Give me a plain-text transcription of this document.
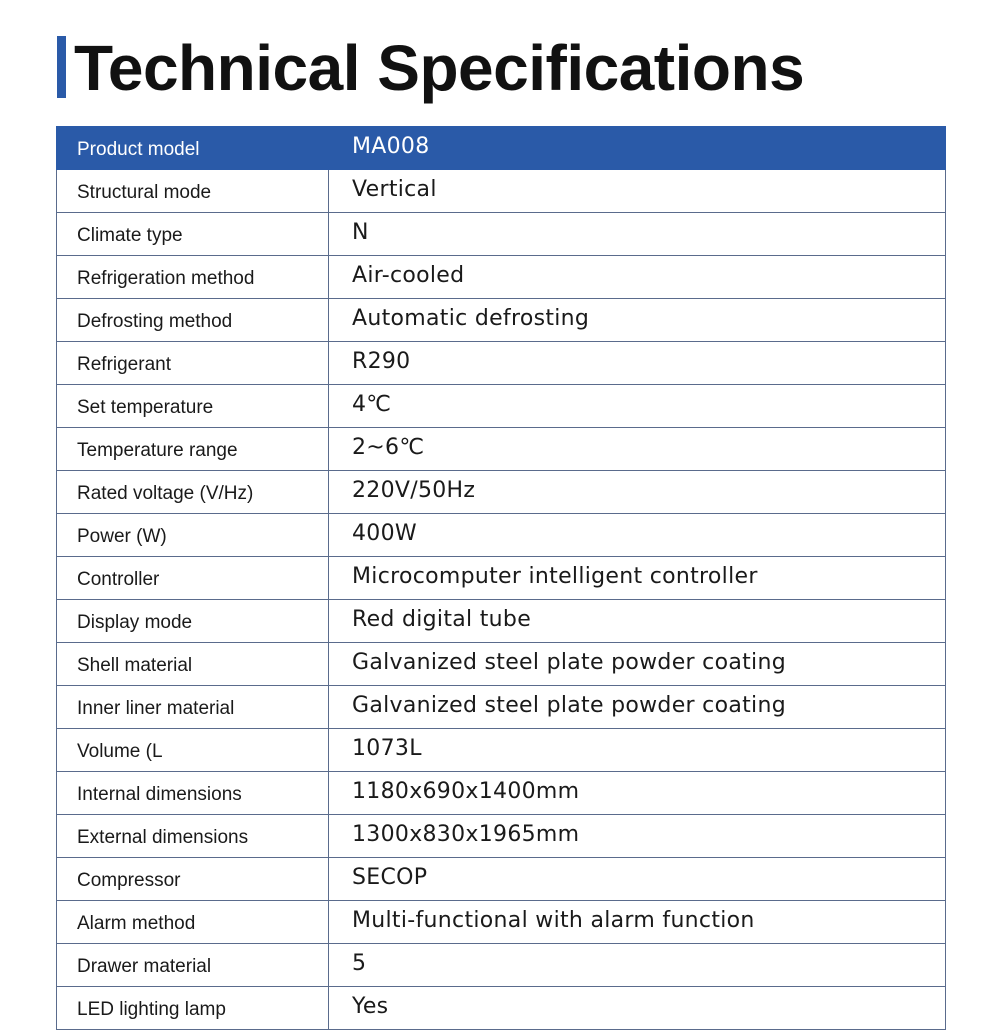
Technical Specifications
Product model	MA008
Structural mode	Vertical
Climate type	N
Refrigeration method	Air-cooled
Defrosting method	Automatic defrosting
Refrigerant	R290
Set temperature	4℃
Temperature range	2~6℃
Rated voltage (V/Hz)	220V/50Hz
Power (W)	400W
Controller	Microcomputer intelligent controller
Display mode	Red digital tube
Shell material	Galvanized steel plate powder coating
Inner liner material	Galvanized steel plate powder coating
Volume (L	1073L
Internal dimensions	1180x690x1400mm
External dimensions	1300x830x1965mm
Compressor	SECOP
Alarm method	Multi-functional with alarm function
Drawer material	5
LED lighting lamp	Yes
